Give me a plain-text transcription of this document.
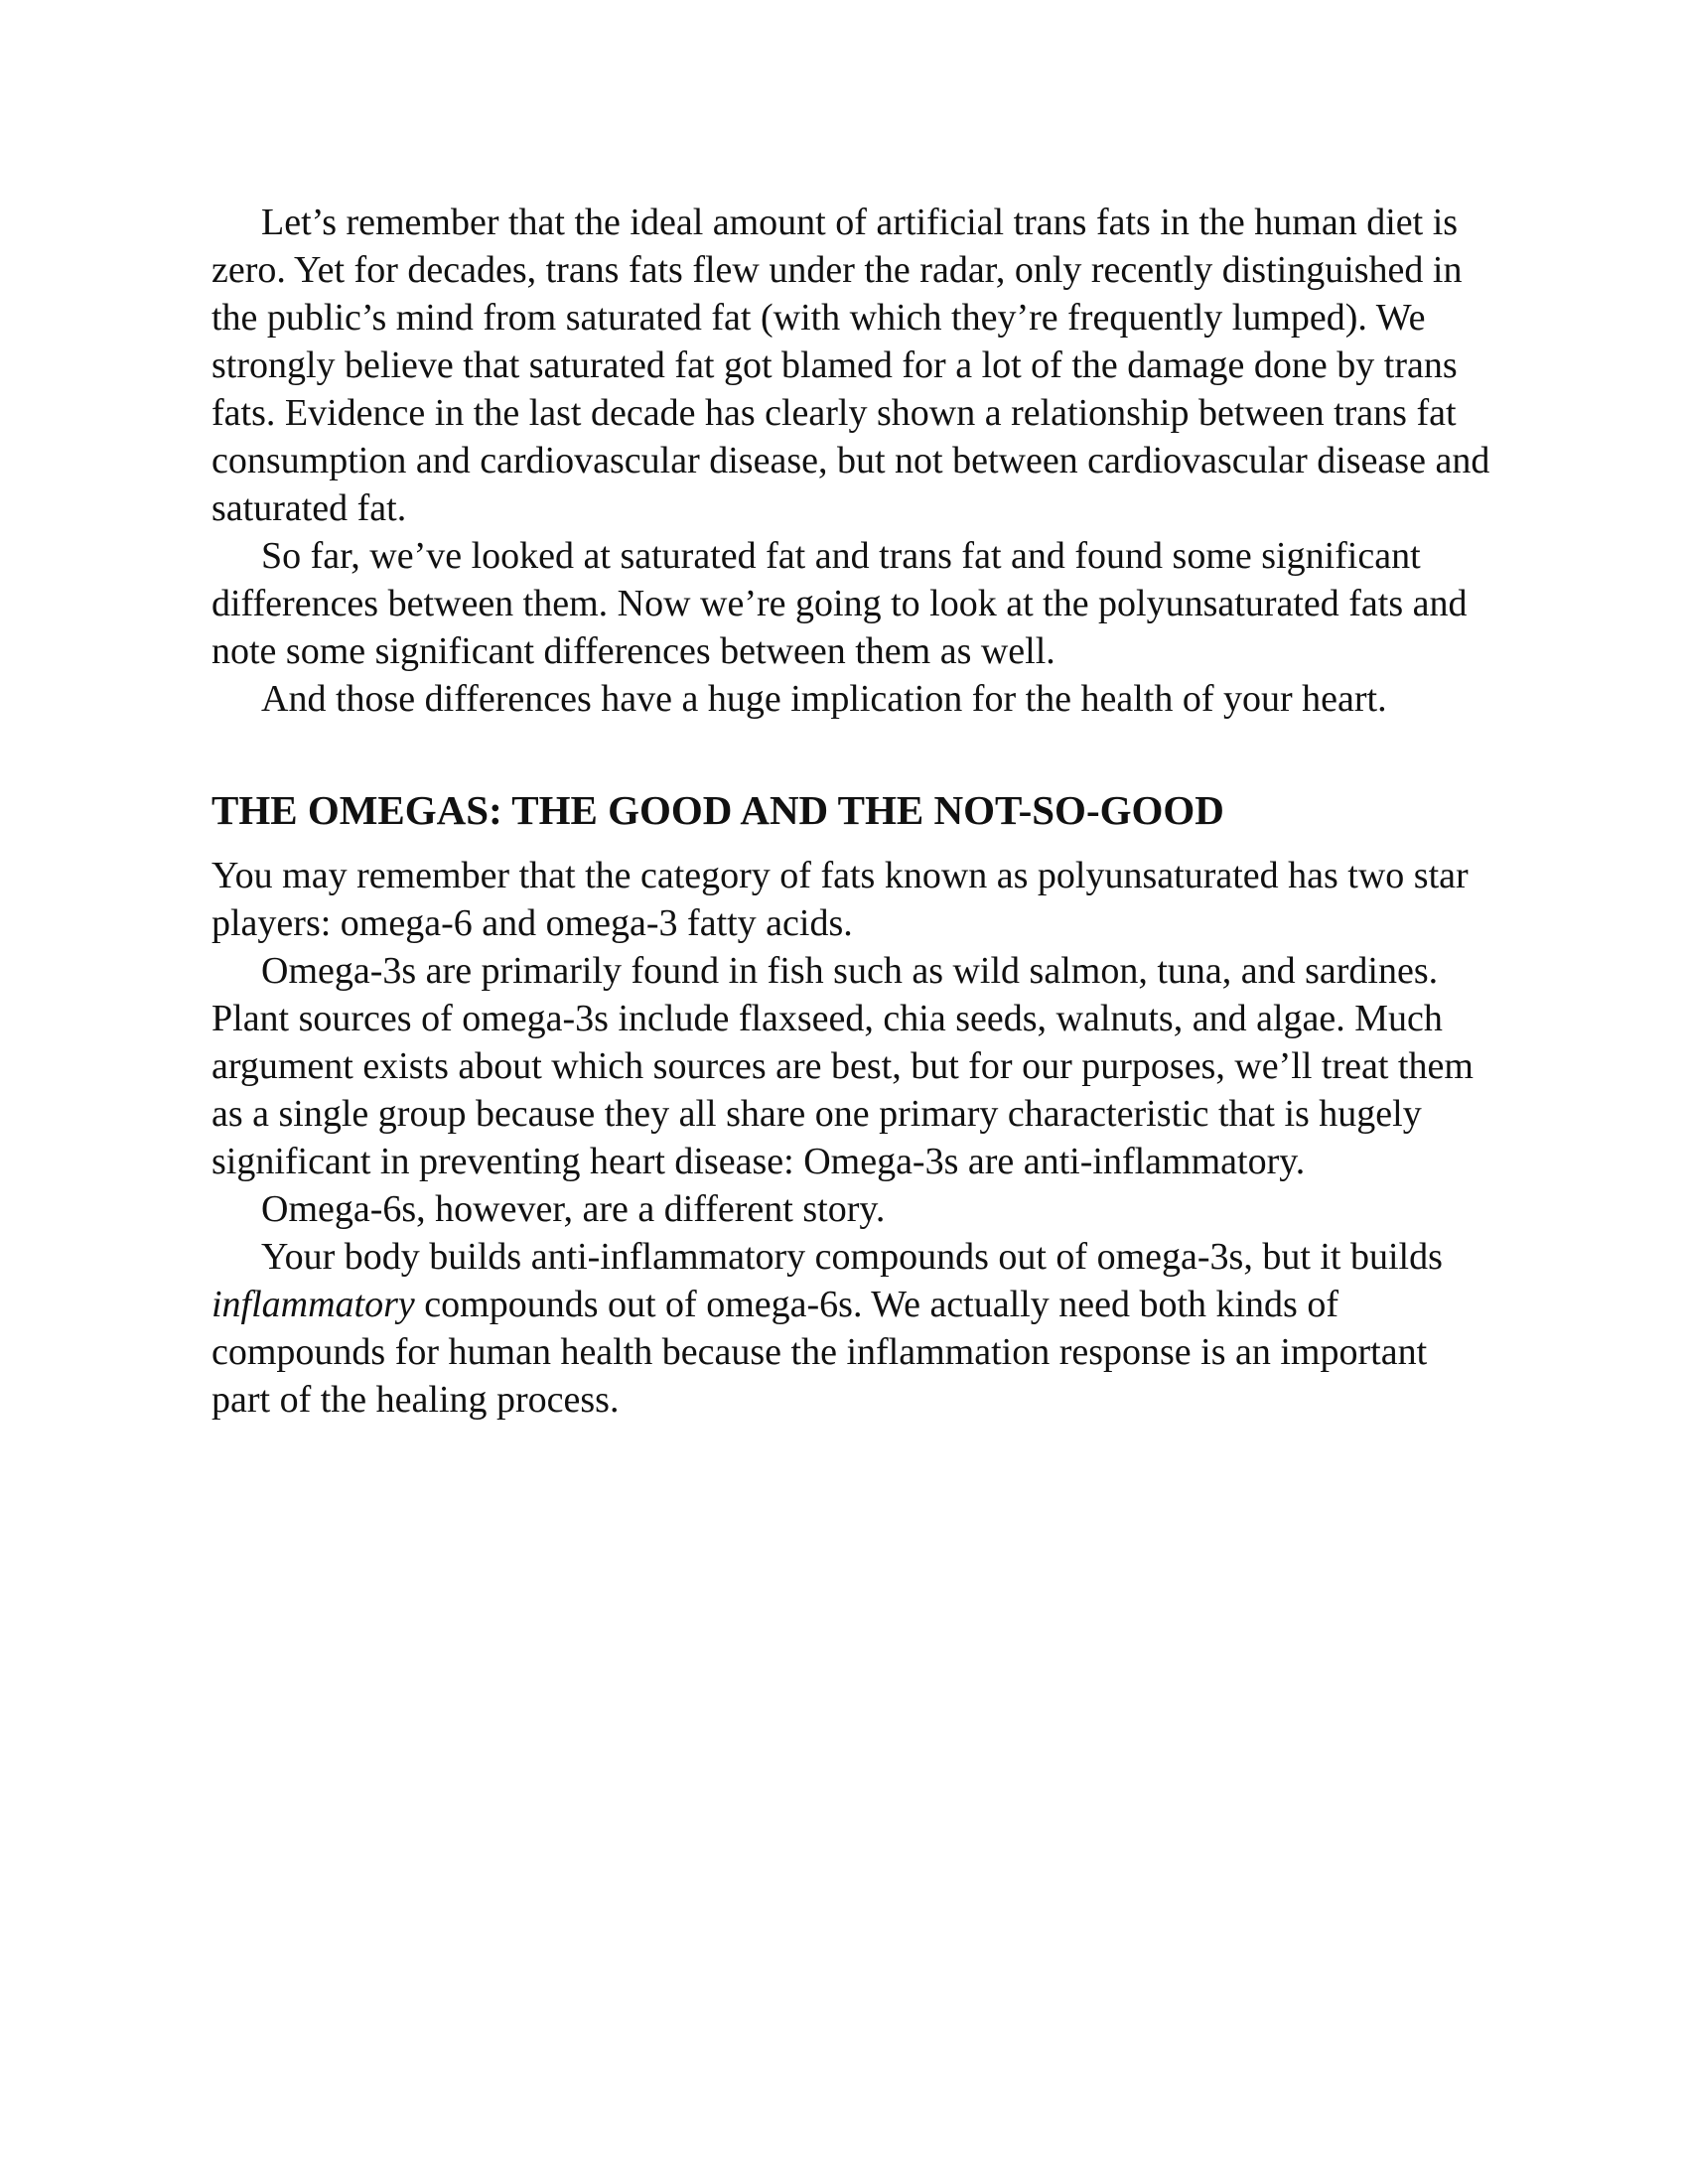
Let’s remember that the ideal amount of artificial trans fats in the human diet is zero. Yet for decades, trans fats flew under the radar, only recently distinguished in the public’s mind from saturated fat (with which they’re frequently lumped). We strongly believe that saturated fat got blamed for a lot of the damage done by trans fats. Evidence in the last decade has clearly shown a relationship between trans fat consumption and cardiovascular disease, but not between cardiovascular disease and saturated fat.

So far, we’ve looked at saturated fat and trans fat and found some significant differences between them. Now we’re going to look at the polyunsaturated fats and note some significant differences between them as well.

And those differences have a huge implication for the health of your heart.

THE OMEGAS: THE GOOD AND THE NOT-SO-GOOD

You may remember that the category of fats known as polyunsaturated has two star players: omega-6 and omega-3 fatty acids.

Omega-3s are primarily found in fish such as wild salmon, tuna, and sardines. Plant sources of omega-3s include flaxseed, chia seeds, walnuts, and algae. Much argument exists about which sources are best, but for our purposes, we’ll treat them as a single group because they all share one primary characteristic that is hugely significant in preventing heart disease: Omega-3s are anti-inflammatory.

Omega-6s, however, are a different story.

Your body builds anti-inflammatory compounds out of omega-3s, but it builds inflammatory compounds out of omega-6s. We actually need both kinds of compounds for human health because the inflammation response is an important part of the healing process.
